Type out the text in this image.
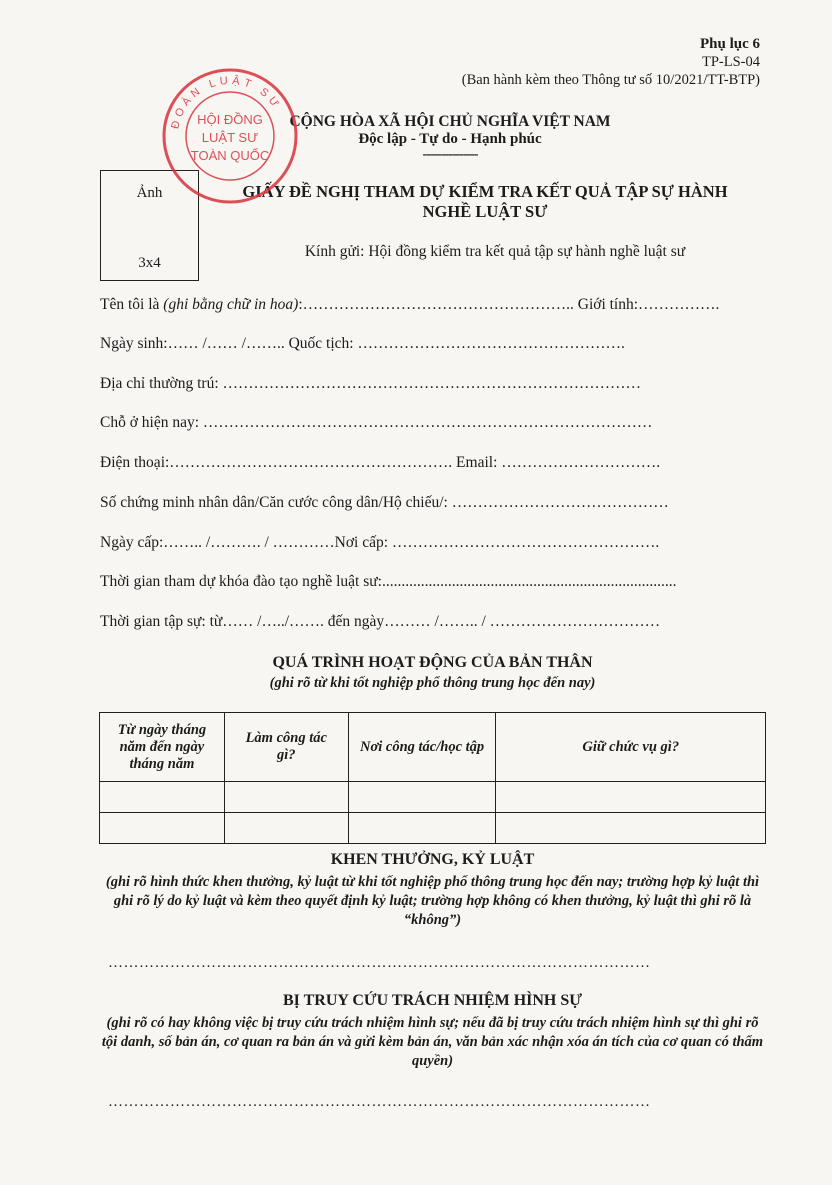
Phụ lục 6
TP-LS-04
(Ban hành kèm theo Thông tư số 10/2021/TT-BTP)
CỘNG HÒA XÃ HỘI CHỦ NGHĨA VIỆT NAM
Độc lập - Tự do - Hạnh phúc
---------------
Ảnh
3x4
GIẤY ĐỀ NGHỊ THAM DỰ KIỂM TRA KẾT QUẢ TẬP SỰ HÀNH
NGHỀ LUẬT SƯ
Kính gửi: Hội đồng kiểm tra kết quả tập sự hành nghề luật sư
ĐOÀN LUẬT SƯ
HỘI ĐỒNG
LUẬT SƯ
TOÀN QUỐC
Tên tôi là (ghi bằng chữ in hoa):…………………………………………….. Giới tính:…………….
Ngày sinh:…… /…… /…….. Quốc tịch: …………………………………………….
Địa chỉ thường trú: ………………………………………………………………………
Chỗ ở hiện nay: ……………………………………………………………………………
Điện thoại:………………………………………………. Email: ………………………….
Số chứng minh nhân dân/Căn cước công dân/Hộ chiếu/: ……………………………………
Ngày cấp:…….. /………. / …………Nơi cấp: …………………………………………….
Thời gian tham dự khóa đào tạo nghề luật sư:............................................................................
Thời gian tập sự: từ…… /…../……. đến ngày……… /…….. / ……………………………
QUÁ TRÌNH HOẠT ĐỘNG CỦA BẢN THÂN
(ghi rõ từ khi tốt nghiệp phổ thông trung học đến nay)
Từ ngày tháng năm đến ngày tháng năm	Làm công tác gì?	Nơi công tác/học tập	Giữ chức vụ gì?

KHEN THƯỞNG, KỶ LUẬT
(ghi rõ hình thức khen thưởng, kỷ luật từ khi tốt nghiệp phổ thông trung học đến nay; trường hợp kỷ luật thì ghi rõ lý do kỷ luật và kèm theo quyết định kỷ luật; trường hợp không có khen thưởng, kỷ luật thì ghi rõ là “không”)
……………………………………………………………………………………………
BỊ TRUY CỨU TRÁCH NHIỆM HÌNH SỰ
(ghi rõ có hay không việc bị truy cứu trách nhiệm hình sự; nếu đã bị truy cứu trách nhiệm hình sự thì ghi rõ tội danh, số bản án, cơ quan ra bản án và gửi kèm bản án, văn bản xác nhận xóa án tích của cơ quan có thẩm quyền)
……………………………………………………………………………………………
